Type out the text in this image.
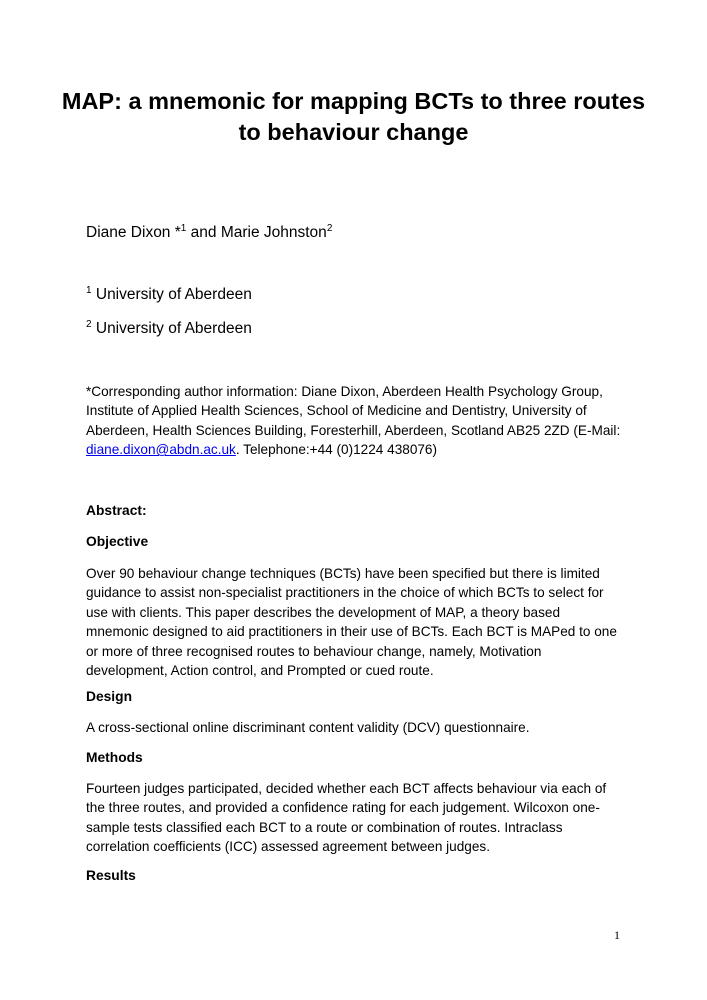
MAP: a mnemonic for mapping BCTs to three routes to behaviour change

Diane Dixon *$^1$ and Marie Johnston$^2$

$^1$ University of Aberdeen

$^2$ University of Aberdeen

*Corresponding author information: Diane Dixon, Aberdeen Health Psychology Group, Institute of Applied Health Sciences, School of Medicine and Dentistry, University of Aberdeen, Health Sciences Building, Foresterhill, Aberdeen, Scotland AB25 2ZD (E-Mail: diane.dixon@abdn.ac.uk. Telephone:+44 (0)1224 438076)

Abstract:
Objective

Over 90 behaviour change techniques (BCTs) have been specified but there is limited guidance to assist non-specialist practitioners in the choice of which BCTs to select for use with clients. This paper describes the development of MAP, a theory based mnemonic designed to aid practitioners in their use of BCTs. Each BCT is MAPed to one or more of three recognised routes to behaviour change, namely, Motivation development, Action control, and Prompted or cued route.

Design

A cross-sectional online discriminant content validity (DCV) questionnaire.

Methods

Fourteen judges participated, decided whether each BCT affects behaviour via each of the three routes, and provided a confidence rating for each judgement. Wilcoxon one-sample tests classified each BCT to a route or combination of routes. Intraclass correlation coefficients (ICC) assessed agreement between judges.

Results

1
